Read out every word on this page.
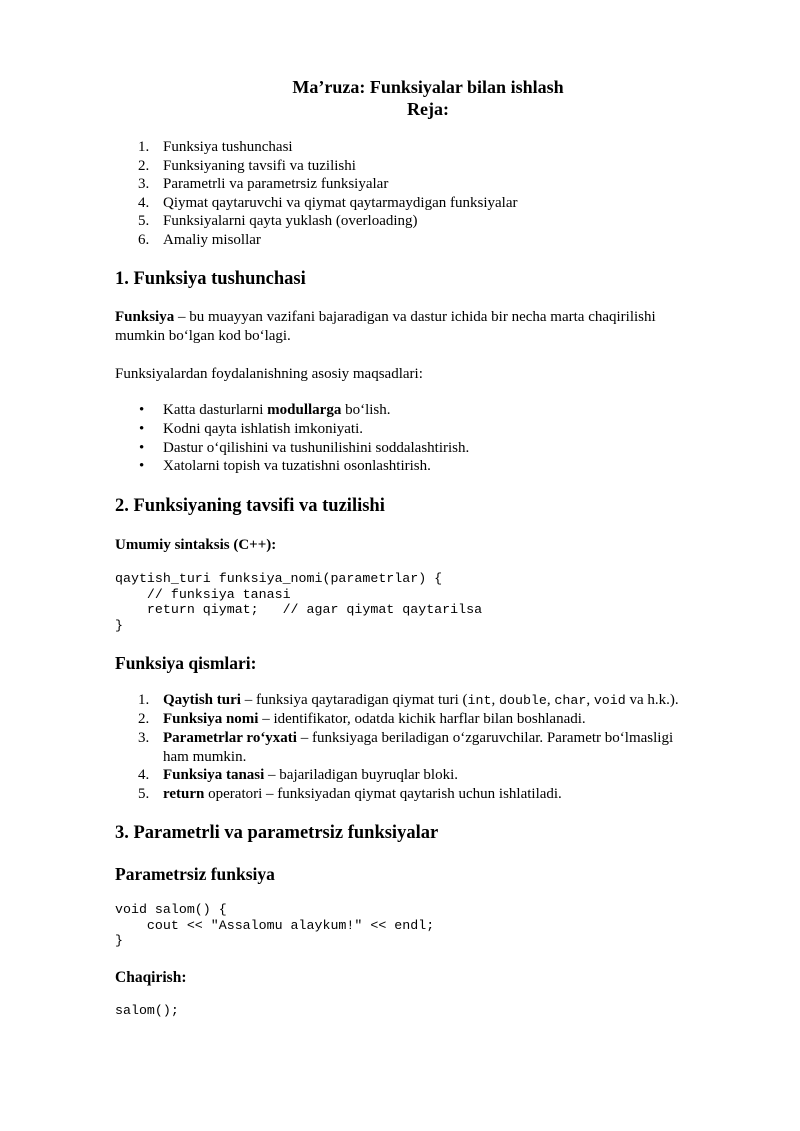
Ma’ruza: Funksiyalar bilan ishlash
Reja:
1. Funksiya tushunchasi
2. Funksiyaning tavsifi va tuzilishi
3. Parametrli va parametrsiz funksiyalar
4. Qiymat qaytaruvchi va qiymat qaytarmaydigan funksiyalar
5. Funksiyalarni qayta yuklash (overloading)
6. Amaliy misollar
1. Funksiya tushunchasi
Funksiya – bu muayyan vazifani bajaradigan va dastur ichida bir necha marta chaqirilishi
mumkin bo‘lgan kod bo‘lagi.
Funksiyalardan foydalanishning asosiy maqsadlari:
• Katta dasturlarni modullarga bo‘lish.
• Kodni qayta ishlatish imkoniyati.
• Dastur o‘qilishini va tushunilishini soddalashtirish.
• Xatolarni topish va tuzatishni osonlashtirish.
2. Funksiyaning tavsifi va tuzilishi
Umumiy sintaksis (C++):
qaytish_turi funksiya_nomi(parametrlar) {
// funksiya tanasi
return qiymat;   // agar qiymat qaytarilsa
}
Funksiya qismlari:
1. Qaytish turi – funksiya qaytaradigan qiymat turi (int, double, char, void va h.k.).
2. Funksiya nomi – identifikator, odatda kichik harflar bilan boshlanadi.
3. Parametrlar ro‘yxati – funksiyaga beriladigan o‘zgaruvchilar. Parametr bo‘lmasligi
ham mumkin.
4. Funksiya tanasi – bajariladigan buyruqlar bloki.
5. return operatori – funksiyadan qiymat qaytarish uchun ishlatiladi.
3. Parametrli va parametrsiz funksiyalar
Parametrsiz funksiya
void salom() {
cout << "Assalomu alaykum!" << endl;
}
Chaqirish:
salom();
